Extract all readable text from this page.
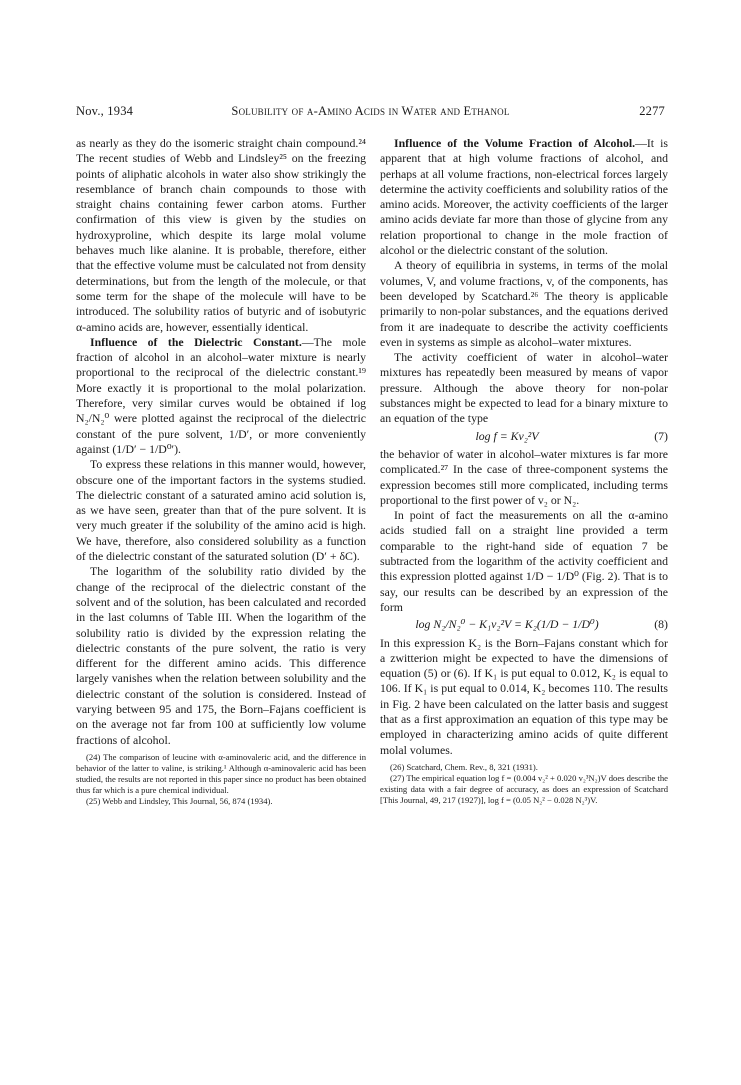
Nov., 1934	Solubility of α-Amino Acids in Water and Ethanol	2277

as nearly as they do the isomeric straight chain compound.²⁴ The recent studies of Webb and Lindsley²⁵ on the freezing points of aliphatic alcohols in water also show strikingly the resemblance of branch chain compounds to those with straight chains containing fewer carbon atoms. Further confirmation of this view is given by the studies on hydroxyproline, which despite its large molal volume behaves much like alanine. It is probable, therefore, either that the effective volume must be calculated not from density determinations, but from the length of the molecule, or that some term for the shape of the molecule will have to be introduced. The solubility ratios of butyric and of isobutyric α-amino acids are, however, essentially identical.

Influence of the Dielectric Constant.—The mole fraction of alcohol in an alcohol–water mixture is nearly proportional to the reciprocal of the dielectric constant.¹⁹ More exactly it is proportional to the molal polarization. Therefore, very similar curves would be obtained if log N₂/N₂⁰ were plotted against the reciprocal of the dielectric constant of the pure solvent, 1/D′, or more conveniently against (1/D′ − 1/D⁰′).

To express these relations in this manner would, however, obscure one of the important factors in the systems studied. The dielectric constant of a saturated amino acid solution is, as we have seen, greater than that of the pure solvent. It is very much greater if the solubility of the amino acid is high. We have, therefore, also considered solubility as a function of the dielectric constant of the saturated solution (D′ + δC).

The logarithm of the solubility ratio divided by the change of the reciprocal of the dielectric constant of the solvent and of the solution, has been calculated and recorded in the last columns of Table III. When the logarithm of the solubility ratio is divided by the expression relating the dielectric constants of the pure solvent, the ratio is very different for the different amino acids. This difference largely vanishes when the relation between solubility and the dielectric constant of the solution is considered. Instead of varying between 95 and 175, the Born–Fajans coefficient is on the average not far from 100 at sufficiently low volume fractions of alcohol.

(24) The comparison of leucine with α-aminovaleric acid, and the difference in behavior of the latter to valine, is striking.¹ Although α-aminovaleric acid has been studied, the results are not reported in this paper since no product has been obtained thus far which is a pure chemical individual.

(25) Webb and Lindsley, This Journal, 56, 874 (1934).

Influence of the Volume Fraction of Alcohol.—It is apparent that at high volume fractions of alcohol, and perhaps at all volume fractions, non-electrical forces largely determine the activity coefficients and solubility ratios of the amino acids. Moreover, the activity coefficients of the larger amino acids deviate far more than those of glycine from any relation proportional to change in the mole fraction of alcohol or the dielectric constant of the solution.

A theory of equilibria in systems, in terms of the molal volumes, V, and volume fractions, v, of the components, has been developed by Scatchard.²⁶ The theory is applicable primarily to non-polar substances, and the equations derived from it are inadequate to describe the activity coefficients even in systems as simple as alcohol–water mixtures.

The activity coefficient of water in alcohol–water mixtures has repeatedly been measured by means of vapor pressure. Although the above theory for non-polar substances might be expected to lead for a binary mixture to an equation of the type

log f = Kv₂²V	(7)

the behavior of water in alcohol–water mixtures is far more complicated.²⁷ In the case of three-component systems the expression becomes still more complicated, including terms proportional to the first power of v₂ or N₂.

In point of fact the measurements on all the α-amino acids studied fall on a straight line provided a term comparable to the right-hand side of equation 7 be subtracted from the logarithm of the activity coefficient and this expression plotted against 1/D − 1/D⁰ (Fig. 2). That is to say, our results can be described by an expression of the form

log N₂/N₂⁰ − K₁v₂²V = K₂(1/D − 1/D⁰)	(8)

In this expression K₂ is the Born–Fajans constant which for a zwitterion might be expected to have the dimensions of equation (5) or (6). If K₁ is put equal to 0.012, K₂ is equal to 106. If K₁ is put equal to 0.014, K₂ becomes 110. The results in Fig. 2 have been calculated on the latter basis and suggest that as a first approximation an equation of this type may be employed in characterizing amino acids of quite different molal volumes.

(26) Scatchard, Chem. Rev., 8, 321 (1931).

(27) The empirical equation log f = (0.004 v₂² + 0.020 v₂³N₂)V does describe the existing data with a fair degree of accuracy, as does an expression of Scatchard [This Journal, 49, 217 (1927)], log f = (0.05 N₂² − 0.028 N₂³)V.
